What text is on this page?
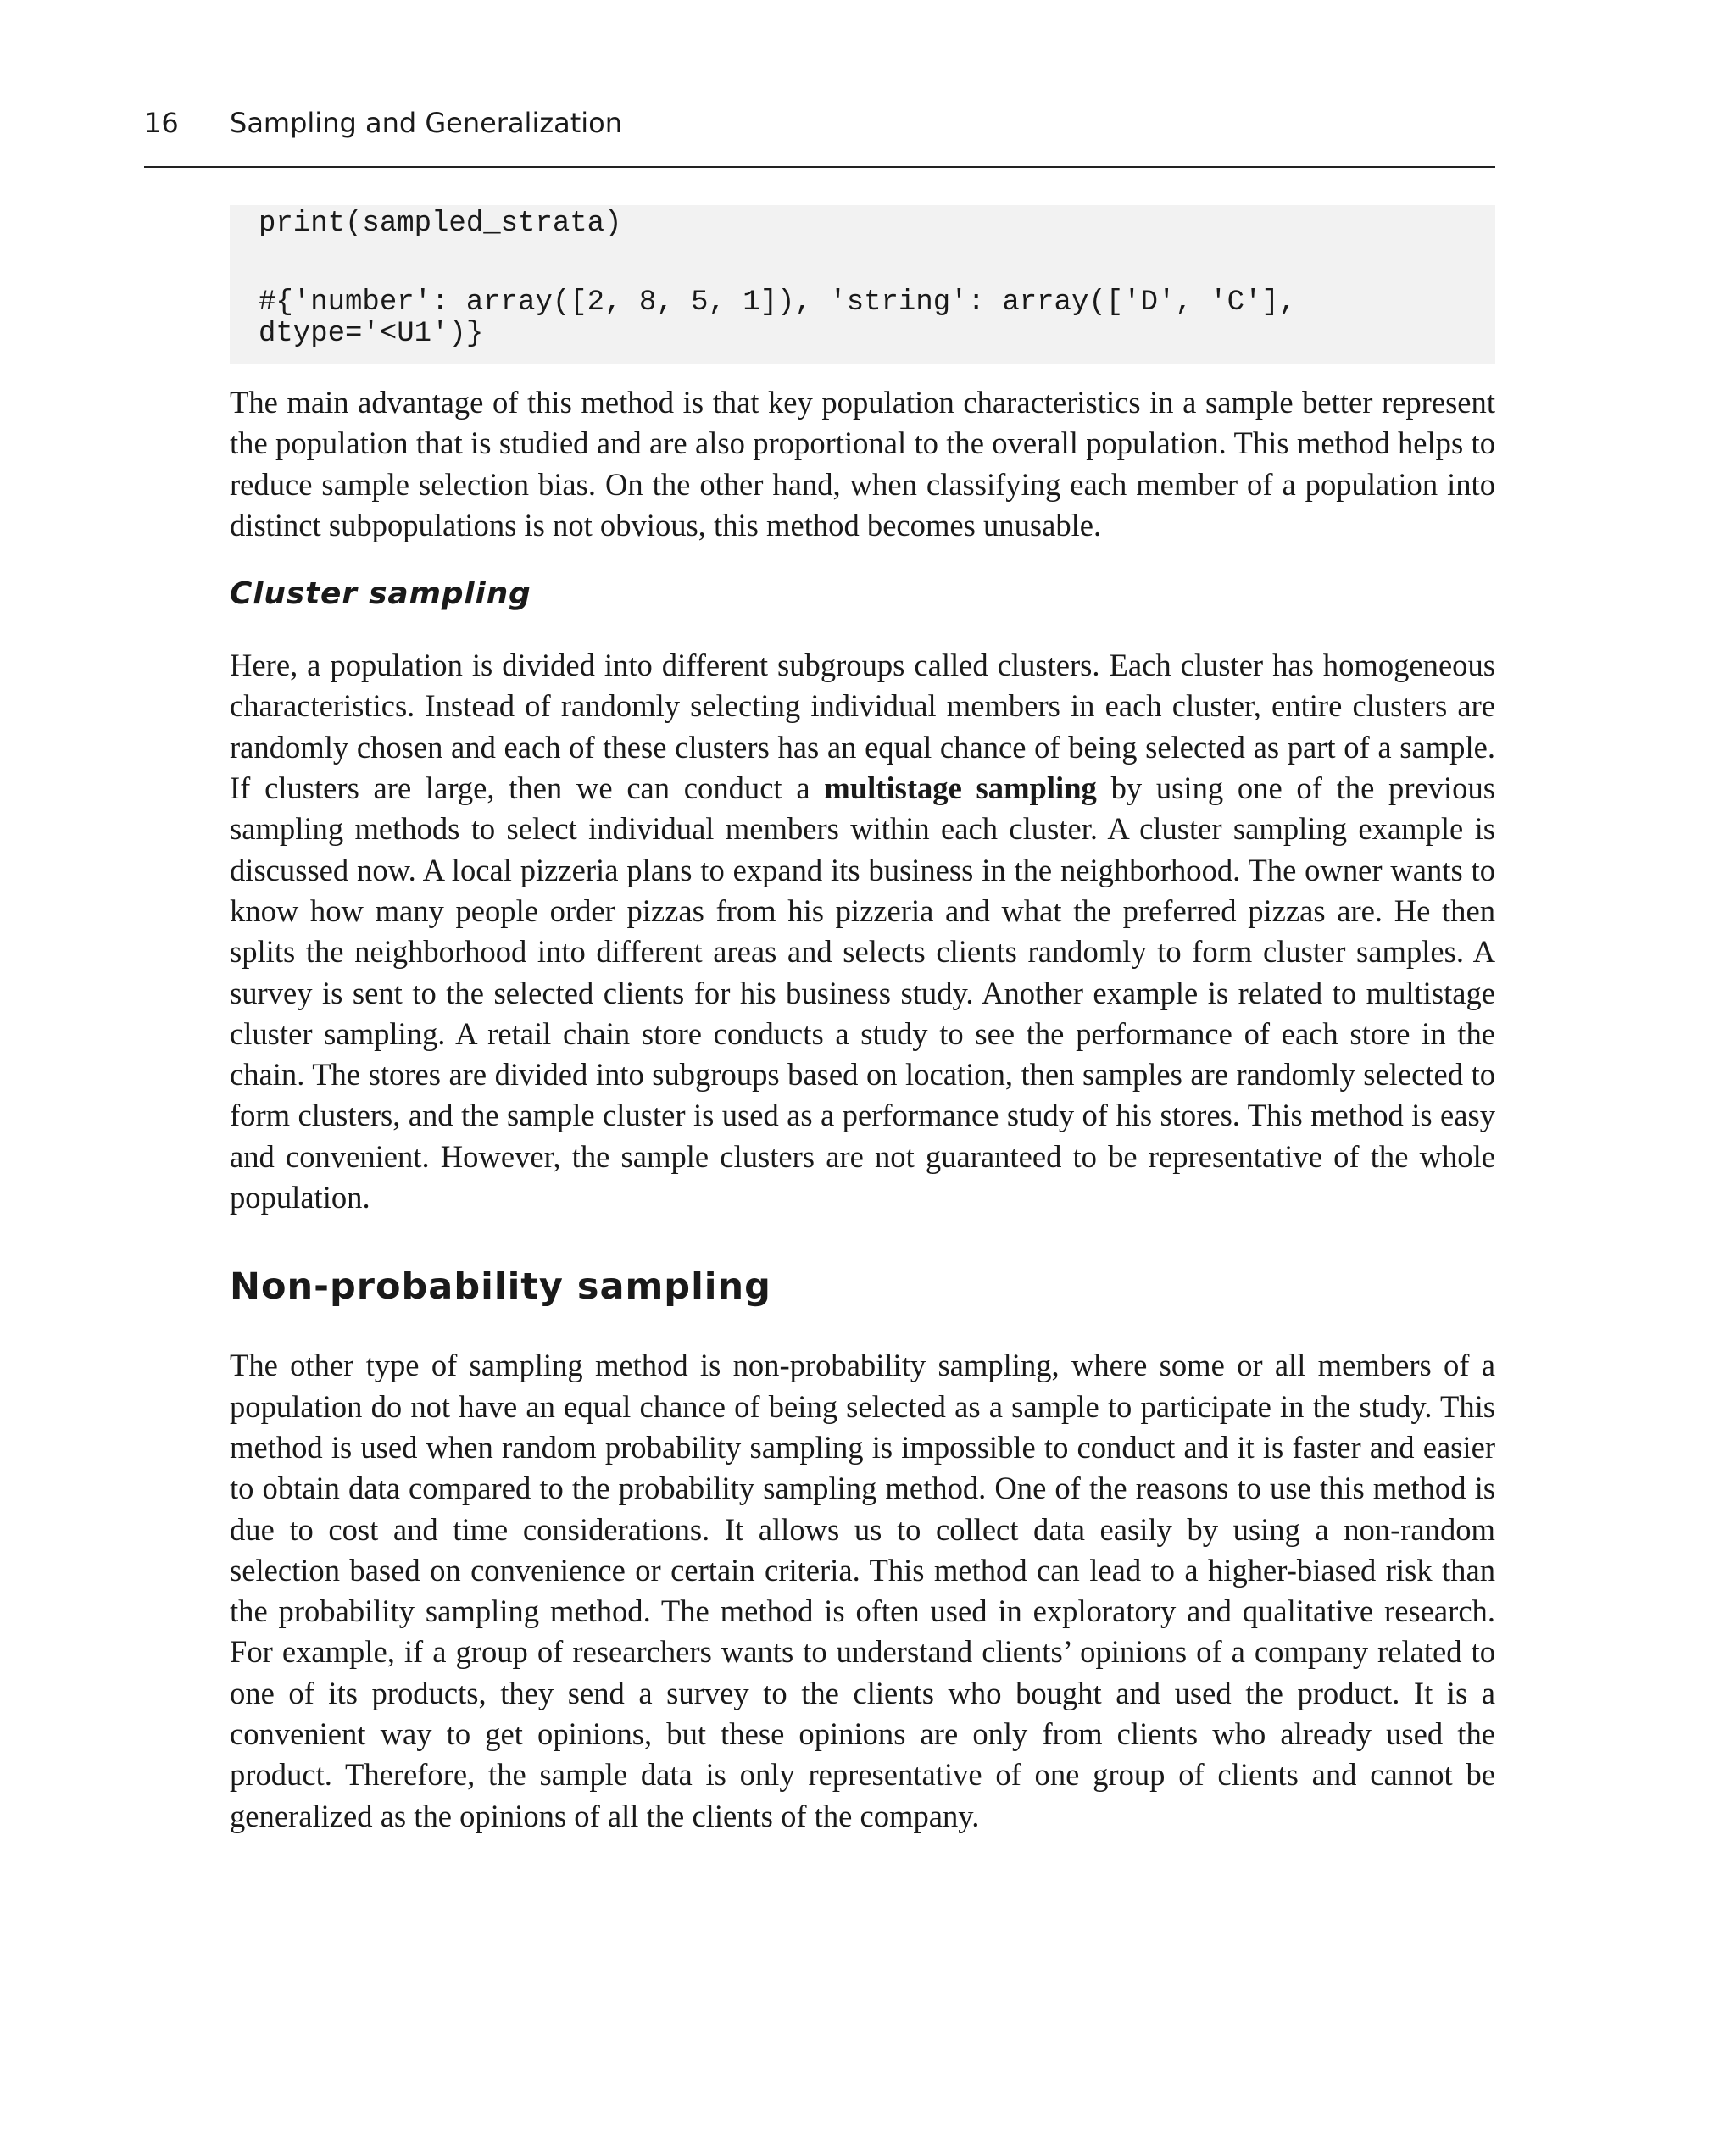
16 Sampling and Generalization
print(sampled_strata)
#{'number': array([2, 8, 5, 1]), 'string': array(['D', 'C'],
dtype='<U1')}

The main advantage of this method is that key population characteristics in a sample better represent the population that is studied and are also proportional to the overall population. This method helps to reduce sample selection bias. On the other hand, when classifying each member of a population into distinct subpopulations is not obvious, this method becomes unusable.

Cluster sampling

Here, a population is divided into different subgroups called clusters. Each cluster has homogeneous characteristics. Instead of randomly selecting individual members in each cluster, entire clusters are randomly chosen and each of these clusters has an equal chance of being selected as part of a sample. If clusters are large, then we can conduct a multistage sampling by using one of the previous sampling methods to select individual members within each cluster. A cluster sampling example is discussed now. A local pizzeria plans to expand its business in the neighborhood. The owner wants to know how many people order pizzas from his pizzeria and what the preferred pizzas are. He then splits the neighborhood into different areas and selects clients randomly to form cluster samples. A survey is sent to the selected clients for his business study. Another example is related to multistage cluster sampling. A retail chain store conducts a study to see the performance of each store in the chain. The stores are divided into subgroups based on location, then samples are randomly selected to form clusters, and the sample cluster is used as a performance study of his stores. This method is easy and convenient. However, the sample clusters are not guaranteed to be representative of the whole population.

Non-probability sampling

The other type of sampling method is non-probability sampling, where some or all members of a population do not have an equal chance of being selected as a sample to participate in the study. This method is used when random probability sampling is impossible to conduct and it is faster and easier to obtain data compared to the probability sampling method. One of the reasons to use this method is due to cost and time considerations. It allows us to collect data easily by using a non-random selection based on convenience or certain criteria. This method can lead to a higher-biased risk than the probability sampling method. The method is often used in exploratory and qualitative research. For example, if a group of researchers wants to understand clients’ opinions of a company related to one of its products, they send a survey to the clients who bought and used the product. It is a convenient way to get opinions, but these opinions are only from clients who already used the product. Therefore, the sample data is only representative of one group of clients and cannot be generalized as the opinions of all the clients of the company.
